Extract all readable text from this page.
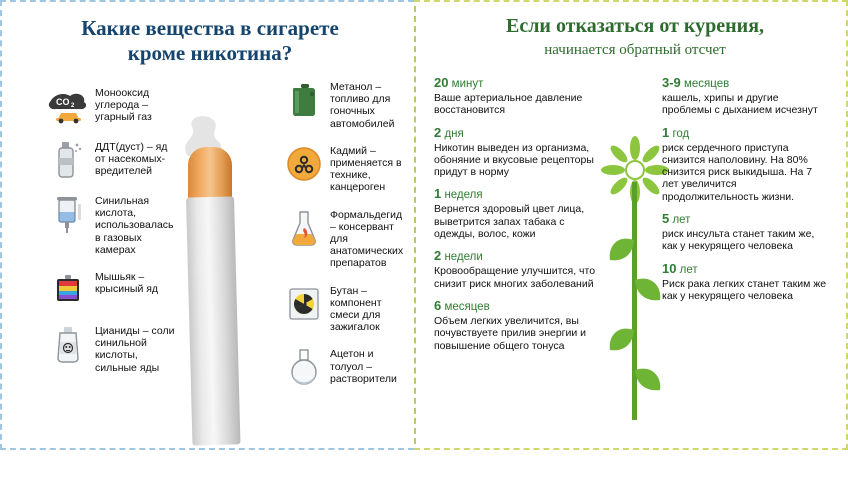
Какие вещества в сигарете
кроме никотина?
CO 2
Монооксид углерода – угарный газ
ДДТ(дуст) – яд от насекомых-вредителей
Синильная кислота, использовалась в газовых камерах
Мышьяк – крысиный яд
Цианиды – соли синильной кислоты, сильные яды
Метанол – топливо для гоночных автомобилей
Кадмий – применяется в технике, канцероген
Формальдегид – консервант для анатомических препаратов
Бутан – компонент смеси для зажигалок
Ацетон и толуол – растворители
Если отказаться от курения,
начинается обратный отсчет
20 минут
Ваше артериальное давление восстановится
2 дня
Никотин выведен из организма, обоняние и вкусовые рецепторы придут в норму
1 неделя
Вернется здоровый цвет лица, выветрится запах табака с одежды, волос, кожи
2 недели
Кровообращение улучшится, что снизит риск многих заболеваний
6 месяцев
Объем легких увеличится, вы почувствуете прилив энергии и повышение общего тонуса
3-9 месяцев
кашель, хрипы и другие проблемы с дыханием исчезнут
1 год
риск сердечного приступа снизится наполовину. На 80% снизится риск выкидыша. На 7 лет увеличится продолжительность жизни.
5 лет
риск инсульта станет таким же, как у некурящего человека
10 лет
Риск рака легких станет таким же как у некурящего человека
